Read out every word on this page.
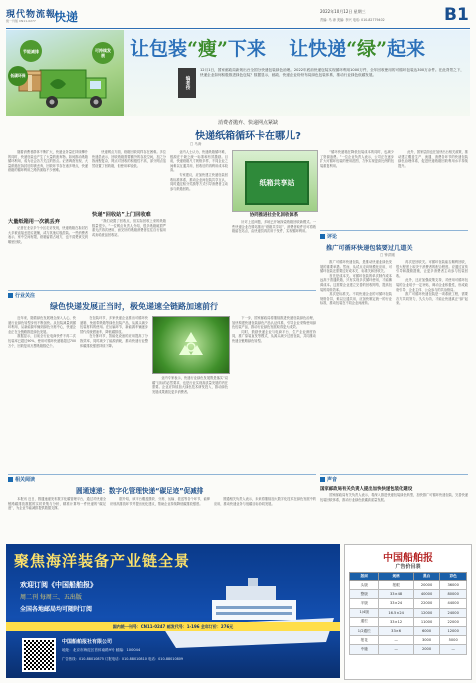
現代物流報
統一刊號 CN11-0277 快递	2022年10月12日 星期三
责编: 马 涛 美编: 李兴 电话: 010-82779402	B1
节能减排	可持续发展
低碳环保
让包装“瘦”下来 让快递“绿”起来
编者按
12月1日，国家邮政局新规出台全国分快递包装绿色治理。2022年底前快递包装实现循环利用1000万件，全年回收使用的可循环包装达300万余件。在此背景之下，快递企业如何积极推进绿色包装？数据显示，邮政、快递企业纷纷布局绿色包装体系，推动行业绿色低碳发展。
消费者抛弃、快递网点紧缺
快递纸箱循环卡在哪儿?
□ 马涛

　随着消费者群体不断扩大，快递业务量在持续攀升的同时，快递包装也产生了大量的废弃物。如何推动纸箱循环利用，成为社会各方关注的热点。记者调查发现，大量纸箱在拆封后即被丢弃，回收环节存在诸多堵点，快递纸箱的循环利用之路仍面临不少困难。

大量纸箱用一次就丢弃

　记者在北京多个小区走访发现，快递纸箱在拆封后大多被直接丢进垃圾桶，或与其他垃圾混装。一些消费者表示，家中空间有限，纸箱留着占地方，也不清楚该交到哪里回收。

　快递网点方面，纸箱回收同样存在困难。多位快递员表示，回收纸箱需要额外的存放空间，加之分拣流程复杂，网点对回收的积极性不高，部分网点虽然设置了回收箱，但使用率较低。

快递“回收站”上门回收难

　“我们设置了回收点，但实际回收上来的纸箱数量很少。”一位网点负责人介绍，很多纸箱破损严重无法再次使用，而完好的纸箱消费者往往自行留用或卖给废品回收站。

　业内人士认为，快递纸箱循环难，根源在于缺乏统一标准和有效激励。目前，快递纸箱尺寸规格多样，不同企业之间难以互通共用，回收后的再利用成本较高。

　专家建议，应加快建立快递包装回收标准体系，推动企业间包装共享互认，同时通过积分奖励等方式引导消费者主动参与纸箱回收。

纸箱共享站
协同推进社会化回收体系

　针对上述问题，多地已开始探索纸箱回收新模式。一些快递企业在驿站推出“纸箱共享站”，消费者取件后可将纸箱留在站点，由快递员再次用于发件，实现循环利用。

　“循环快递箱在降低包装成本的同时，也减少了资源浪费。”一位企业负责人表示，公司正在逐步扩大可循环包装的使用范围，力争实现更高比例的包装重复利用。

　此外，国家层面也在加快出台相关政策，推动建立覆盖生产、流通、消费各环节的快递包装绿色治理体系，促进快递纸箱回收利用水平持续提升。

评论
推广可循环快递包装要过几道关
□ 钟洪刚

　推广可循环快递包装，是推动快递业绿色发展的重要举措。然而，从试点走向规模化应用，可循环包装还需要过好成本关、标准关和回收关。

　首先是成本关。可循环包装的单次制作成本远高于普通纸箱，只有实现多次循环使用，才能摊薄成本。这需要企业建立完善的回收网络，提高包装的周转效率。

　其次是标准关。不同快递企业的可循环包装规格各异，难以互通共用，应加快制定统一的行业标准，推动包装在不同企业间流转。

　再次是回收关。可循环包装能否顺利回收，很大程度上取决于消费者的配合程度。应通过宣传引导和激励措施，让更多消费者主动参与包装回收。

　此外，还应加强政策支持，对使用可循环包装的企业给予一定补贴，调动企业积极性，形成政府引导、企业主体、公众参与的共治格局。

　推广可循环快递包装是一项系统工程，需要各方共同努力，久久为功，才能让快递真正“绿”起来。

行业关注
绿色快递发展正当时，极免递速全链路加速前行

　近年来，随着绿色发展理念深入人心，快递行业绿色转型步伐不断加快。从包装减量到循环利用，从新能源车辆到绿色分拣中心，快递企业正在全链路推进绿色发展。

　数据显示，目前全行业电商快件不再二次包装率已超过90%，使用可循环快递箱超过700万个，回收复用瓦楞纸箱数亿个。

　在包装环节，多家快递企业推出可循环快递箱、免胶带纸箱等绿色包装产品，从源头减少包装材料的使用。在运输环节，新能源车辆逐步替代传统燃油车，降低碳排放。

　在分拣环节，智能化设备的应用提高了分拣效率，同时减少了能源消耗，推动快递行业整体碳排放强度持续下降。

　业内专家表示，快递行业绿色发展既是落实“双碳”目标的必然要求，也是行业实现高质量发展的内在需要。企业应持续加大绿色技术研发投入，推动绿色发展成果惠及更多消费者。

　下一步，国家邮政局将继续推进快递包装绿色治理，加快构建快递包装绿色产品认证体系，引导企业采购使用绿色包装产品，推动行业绿色发展取得更大成效。

　同时，鼓励快递企业与电商平台、生产企业深度协同，推广原装直发等模式，从源头减少过度包装，共同推动快递全链路绿色转型。

相关阅读
圆通速递：数字化管理快递“碳足迹”促减排

　本报讯 近日，圆通速递发布数字化碳管理平台，通过对快递全链路碳排放数据的实时采集与分析，精准计算每一件快递的“碳足迹”，为企业节能减排提供数据支撑。

　据介绍，该平台覆盖揽收、分拣、运输、派送等各个环节，能够识别高排放环节并提出优化建议，帮助企业持续降低碳排放强度。

　圆通相关负责人表示，未来将继续加大数字化技术在绿色发展中的应用，推动快递业务与低碳目标协同发展。

声音
国家邮政局有关负责人提出加快快递包装化建设

　国家邮政局有关负责人表示，将深入推进快递包装绿色转型，加快推广可循环快递包装，完善快递包装回收体系，推动行业绿色低碳高质量发展。

聚焦海洋装备产业链全景
欢迎订阅《中国船舶报》
周二刊 每周三、五出版
全国各地邮局均可随时订阅
国内统一刊号：CN11-0247 邮发代号：1-196 全年订价：276元
中国船舶报社有限公司
地址：北京市海淀区首体南路9号 邮编：100044
广告热线：010-88010875 订报电话：010-88010810 电话：010-88010809
中国船舶报
广告价目表
版面	规格	黑白	彩色
头版	报眼	20000	36000
整版	33×48	40000	80000
半版	33×24	22000	44000
1/4版	16.5×24	12000	24000
通栏	33×12	11000	22000
1/2通栏	33×6	6000	12000
报花	—	3000	5000
中缝	—	2000	—
